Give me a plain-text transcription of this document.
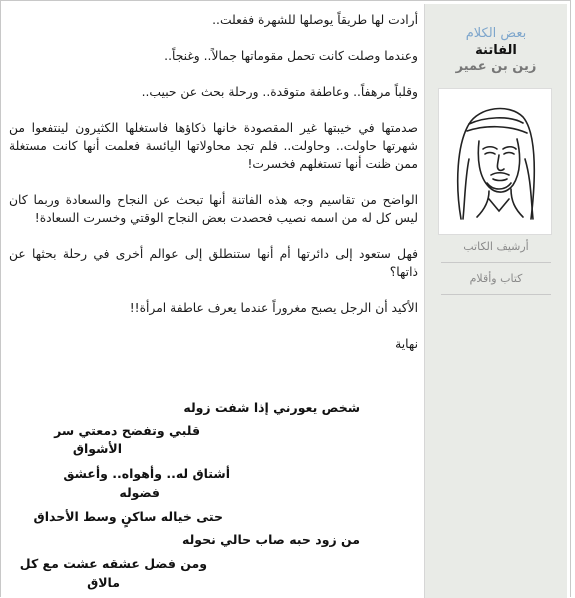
بعض الكلام
الفاتنة
زين بن عمير
أرشيف الكاتب
كتاب وأقلام

أرادت لها طريقاً يوصلها للشهرة ففعلت..

وعندما وصلت كانت تحمل مقوماتها جمالاً.. وغنجاً..

وقلباً مرهفاً.. وعاطفة متوقدة.. ورحلة بحث عن حبيب..

صدمتها في خيبتها غير المقصودة خانها ذكاؤها فاستغلها الكثيرون لينتفعوا من شهرتها حاولت.. وحاولت.. فلم تجد محاولاتها اليائسة فعلمت أنها كانت مستغلة ممن ظنت أنها تستغلهم فخسرت!

الواضح من تقاسيم وجه هذه الفاتنة أنها تبحث عن النجاح والسعادة وربما كان ليس كل له من اسمه نصيب فحصدت بعض النجاح الوقتي وخسرت السعادة!

فهل ستعود إلى دائرتها أم أنها ستنطلق إلى عوالم أخرى في رحلة بحثها عن ذاتها؟

الأكيد أن الرجل يصبح مغروراً عندما يعرف عاطفة امرأة!!

نهاية

شخص يعورني إذا شفت زوله
قلبي وتفضح دمعتي سر
الأشواق
أشتاق له.. وأهواه.. وأعشق
فضوله
حتى خياله ساكنٍ وسط الأحداق
من زود حبه صاب حالي نحوله
ومن فضل عشقه عشت مع كل
مالاق
